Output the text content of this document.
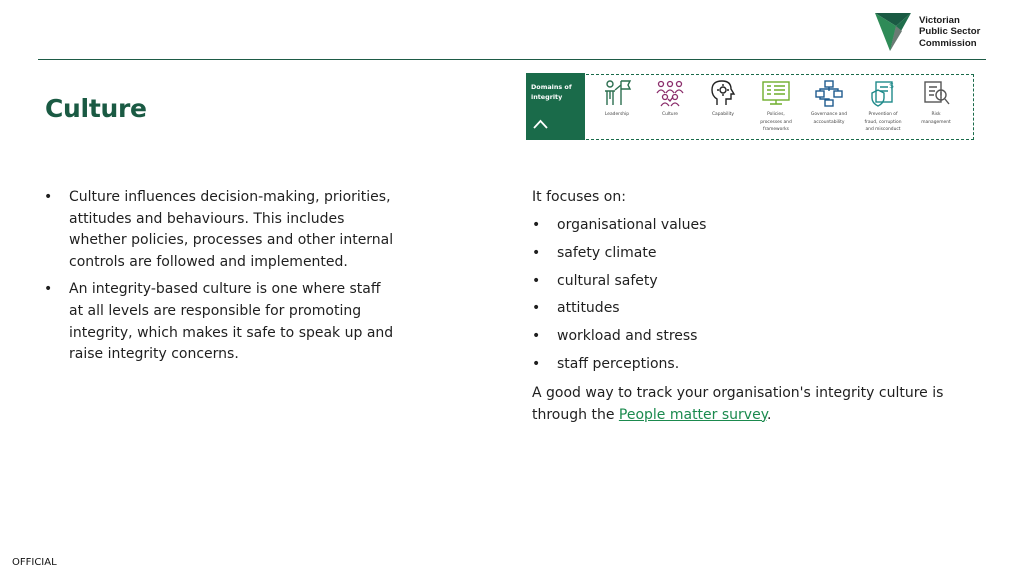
Victorian
Public Sector
Commission
Culture
Domains of
integrity
Leadership	Culture	Capability	Policies,
processes and
frameworks
Governance and
accountability
$
Prevention of
fraud, corruption
and misconduct
Risk
management
• Culture influences decision-making, priorities, attitudes and behaviours. This includes whether policies, processes and other internal controls are followed and implemented.
• An integrity-based culture is one where staff at all levels are responsible for promoting integrity, which makes it safe to speak up and raise integrity concerns.

It focuses on:

• organisational values
• safety climate
• cultural safety
• attitudes
• workload and stress
• staff perceptions.

A good way to track your organisation's integrity culture is through the People matter survey.

OFFICIAL
